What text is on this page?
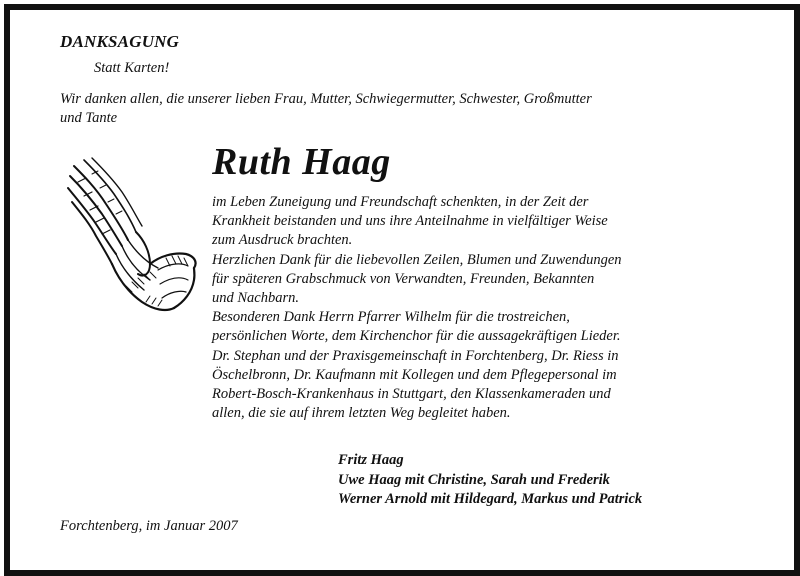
DANKSAGUNG

Statt Karten!

Wir danken allen, die unserer lieben Frau, Mutter, Schwiegermutter, Schwester, Großmutter
und Tante

Ruth Haag

im Leben Zuneigung und Freundschaft schenkten, in der Zeit der
Krankheit beistanden und uns ihre Anteilnahme in vielfältiger Weise
zum Ausdruck brachten.
Herzlichen Dank für die liebevollen Zeilen, Blumen und Zuwendungen
für späteren Grabschmuck von Verwandten, Freunden, Bekannten
und Nachbarn.
Besonderen Dank Herrn Pfarrer Wilhelm für die trostreichen,
persönlichen Worte, dem Kirchenchor für die aussagekräftigen Lieder.
Dr. Stephan und der Praxisgemeinschaft in Forchtenberg, Dr. Riess in
Öschelbronn, Dr. Kaufmann mit Kollegen und dem Pflegepersonal im
Robert-Bosch-Krankenhaus in Stuttgart, den Klassenkameraden und
allen, die sie auf ihrem letzten Weg begleitet haben.
Fritz Haag
Uwe Haag mit Christine, Sarah und Frederik
Werner Arnold mit Hildegard, Markus und Patrick

Forchtenberg, im Januar 2007
